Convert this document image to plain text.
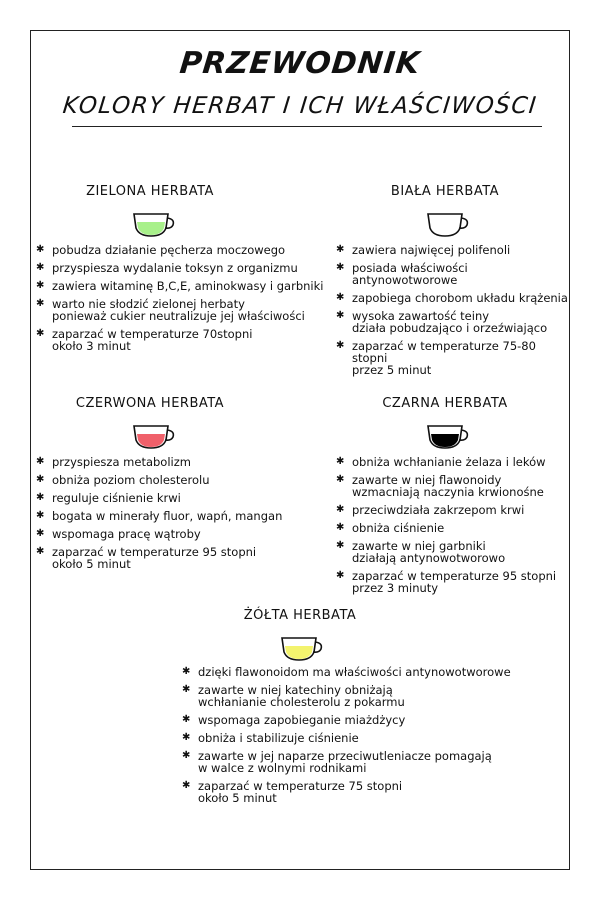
PRZEWODNIK
KOLORY HERBAT I ICH WŁAŚCIWOŚCI
ZIELONA HERBATA
✱ pobudza działanie pęcherza moczowego
✱ przyspiesza wydalanie toksyn z organizmu
✱ zawiera witaminę B,C,E, aminokwasy i garbniki
✱ warto nie słodzić zielonej herbaty
ponieważ cukier neutralizuje jej właściwości
✱ zaparzać w temperaturze 70stopni
około 3 minut
BIAŁA HERBATA
✱ zawiera najwięcej polifenoli
✱ posiada właściwości antynowotworowe
✱ zapobiega chorobom układu krążenia
✱ wysoka zawartość teiny
działa pobudzająco i orzeźwiająco
✱ zaparzać w temperaturze 75-80 stopni
przez 5 minut
CZERWONA HERBATA
✱ przyspiesza metabolizm
✱ obniża poziom cholesterolu
✱ reguluje ciśnienie krwi
✱ bogata w minerały fluor, wapń, mangan
✱ wspomaga pracę wątroby
✱ zaparzać w temperaturze 95 stopni
około 5 minut
CZARNA HERBATA
✱ obniża wchłanianie żelaza i leków
✱ zawarte w niej flawonoidy
wzmacniają naczynia krwionośne
✱ przeciwdziała zakrzepom krwi
✱ obniża ciśnienie
✱ zawarte w niej garbniki
działają antynowotworowo
✱ zaparzać w temperaturze 95 stopni
przez 3 minuty
ŻÓŁTA HERBATA
✱ dzięki flawonoidom ma właściwości antynowotworowe
✱ zawarte w niej katechiny obniżają
wchłanianie cholesterolu z pokarmu
✱ wspomaga zapobieganie miażdżycy
✱ obniża i stabilizuje ciśnienie
✱ zawarte w jej naparze przeciwutleniacze pomagają
w walce z wolnymi rodnikami
✱ zaparzać w temperaturze 75 stopni
około 5 minut
